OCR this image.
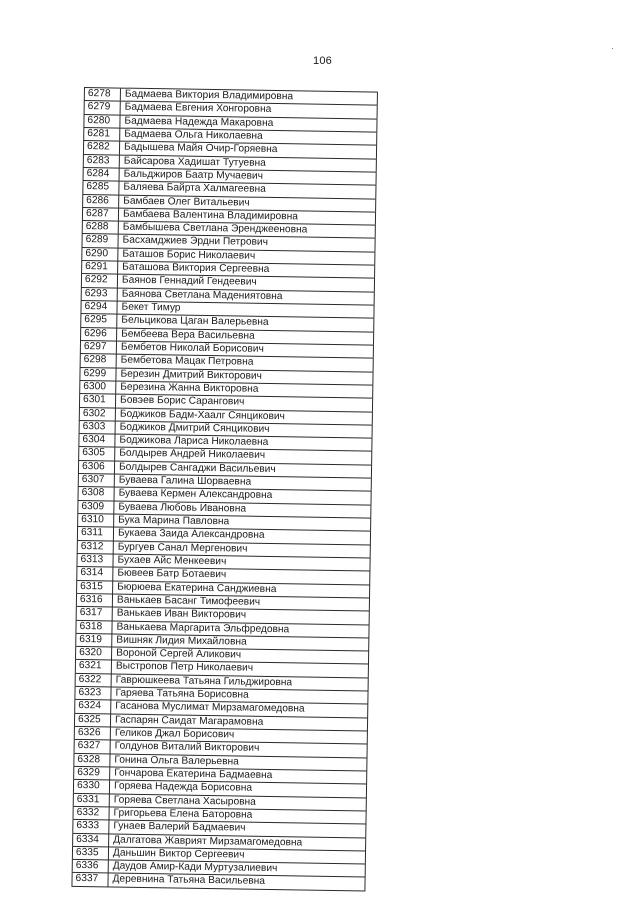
106
6278	Бадмаева Виктория Владимировна
6279	Бадмаева Евгения Хонгоровна
6280	Бадмаева Надежда Макаровна
6281	Бадмаева Ольга Николаевна
6282	Бадышева Майя Очир-Горяевна
6283	Байсарова Хадишат Тутуевна
6284	Бальджиров Баатр Мучаевич
6285	Баляева Байрта Халмагеевна
6286	Бамбаев Олег Витальевич
6287	Бамбаева Валентина Владимировна
6288	Бамбышева Светлана Эренджеeнoвна
6289	Басхамджиев Эрдни Петрович
6290	Баташов Борис Николаевич
6291	Баташова Виктория Сергеевна
6292	Баянов Геннадий Гендеевич
6293	Баянова Светлана Мадениятовна
6294	Бекет Тимур
6295	Бельцикова Цаган Валерьевна
6296	Бембеева Вера Васильевна
6297	Бембетов Николай Борисович
6298	Бембетова Мацак Петровна
6299	Березин Дмитрий Викторович
6300	Березина Жанна Викторовна
6301	Бовэев Борис Сарангович
6302	Боджиков Бадм-Хаалг Сянцикович
6303	Боджиков Дмитрий Сянцикович
6304	Боджикова Лариса Николаевна
6305	Болдырев Андрей Николаевич
6306	Болдырев Сангаджи Васильевич
6307	Буваева Галина Шорваевна
6308	Буваева Кермен Александровна
6309	Буваева Любовь Ивановна
6310	Бука Марина Павловна
6311	Букаева Заида Александровна
6312	Бургуев Санал Мергенович
6313	Бухаев Айс Менкеевич
6314	Бювеев Батр Ботаевич
6315	Бюрюева Екатерина Санджиевна
6316	Ванькаев Басанг Тимофеевич
6317	Ванькаев Иван Викторович
6318	Ванькаева Маргарита Эльфредовна
6319	Вишняк Лидия Михайловна
6320	Вороной Сергей Аликович
6321	Выстропов Петр Николаевич
6322	Гаврюшкеева Татьяна Гильджировна
6323	Гаряева Татьяна Борисовна
6324	Гасанова Муслимат Мирзамагомедовна
6325	Гаспарян Саидат Магарамовна
6326	Геликов Джал Борисович
6327	Голдунов Виталий Викторович
6328	Гонина Ольга Валерьевна
6329	Гончарова Екатерина Бадмаевна
6330	Горяева Надежда Борисовна
6331	Горяева Светлана Хасыровна
6332	Григорьева Елена Батоpовна
6333	Гунаев Валерий Бадмаевич
6334	Далгатова Жаврият Мирзамагомедовна
6335	Даньшин Виктор Сергеевич
6336	Даудов Амир-Кади Муртузалиевич
6337	Деревнина Татьяна Васильевна
